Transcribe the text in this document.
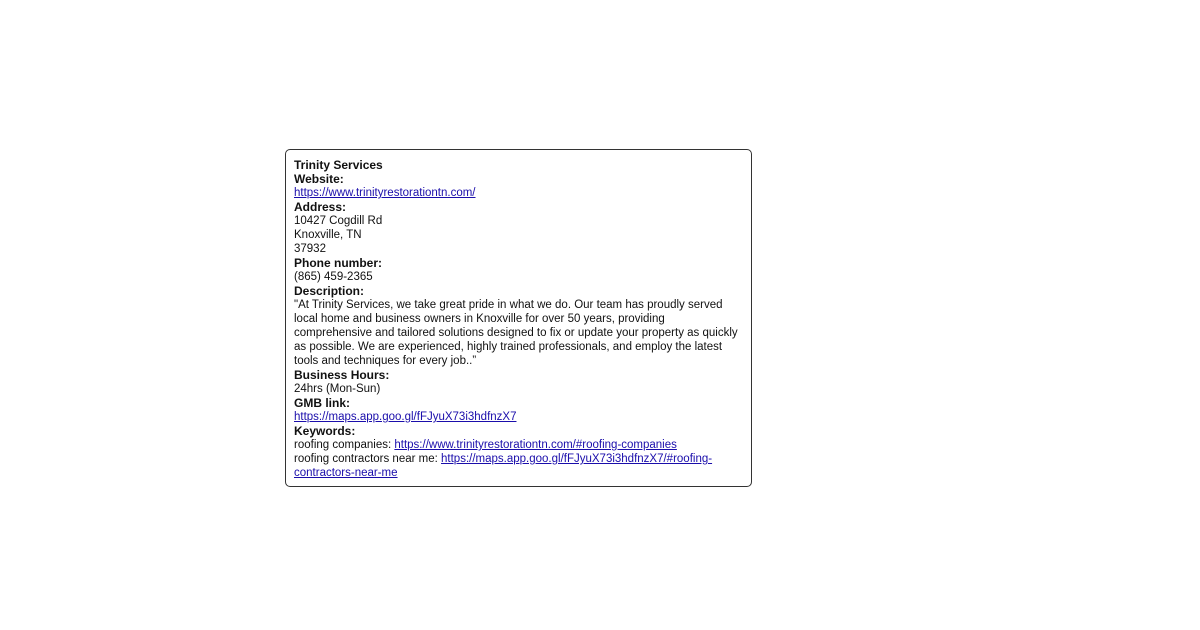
Trinity Services
Website:
https://www.trinityrestorationtn.com/
Address:
10427 Cogdill Rd
Knoxville, TN
37932
Phone number:
(865) 459-2365
Description:
"At Trinity Services, we take great pride in what we do. Our team has proudly served local home and business owners in Knoxville for over 50 years, providing comprehensive and tailored solutions designed to fix or update your property as quickly as possible. We are experienced, highly trained professionals, and employ the latest tools and techniques for every job..”
Business Hours:
24hrs (Mon-Sun)
GMB link:
https://maps.app.goo.gl/fFJyuX73i3hdfnzX7
Keywords:
roofing companies: https://www.trinityrestorationtn.com/#roofing-companies
roofing contractors near me: https://maps.app.goo.gl/fFJyuX73i3hdfnzX7/#roofing-contractors-near-me
